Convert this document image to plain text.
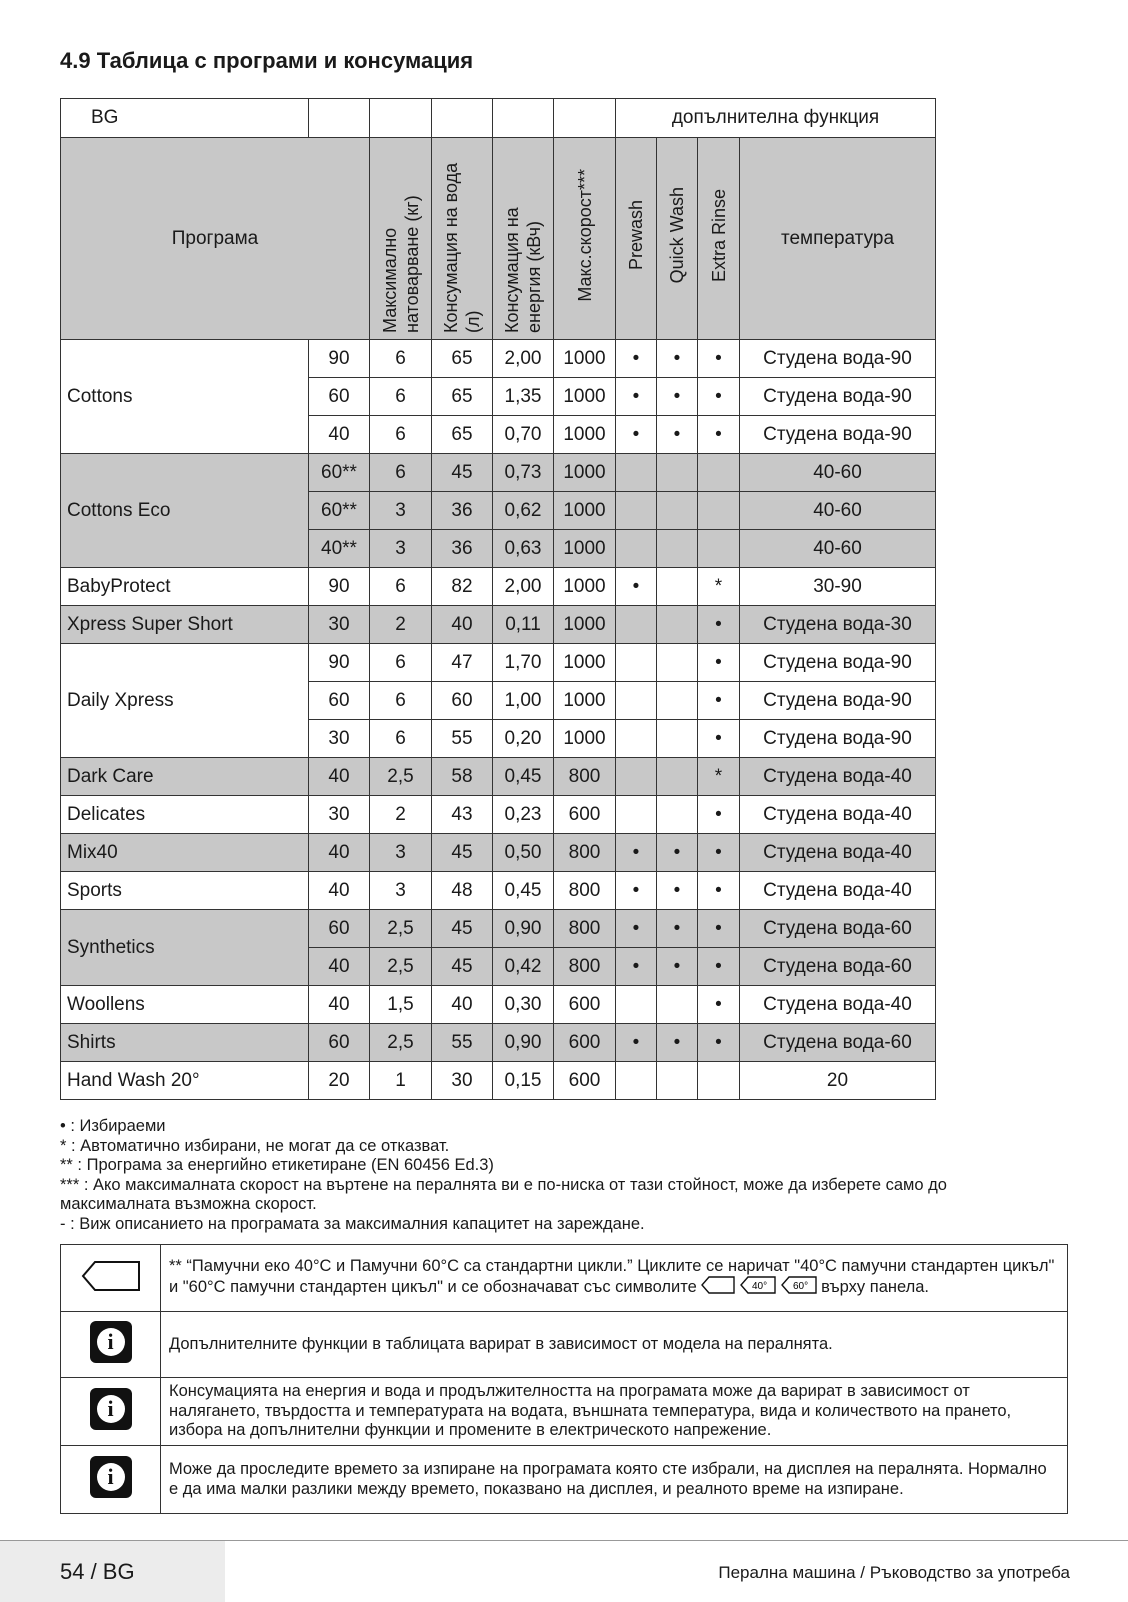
4.9 Таблица с програми и консумация
BG						допълнителна функция			
Програма		Максимално натоварване (кг)	Консумация на вода (л)	Консумация на енергия (кВч)	Макс.скорост***	Prewash	Quick Wash	Extra Rinse	температура
Cottons	90	6	65	2,00	1000	•	•	•	Студена вода-90
	60	6	65	1,35	1000	•	•	•	Студена вода-90
	40	6	65	0,70	1000	•	•	•	Студена вода-90
Cottons Eco	60**	6	45	0,73	1000				40-60
	60**	3	36	0,62	1000				40-60
	40**	3	36	0,63	1000				40-60
BabyProtect	90	6	82	2,00	1000	•		*	30-90
Xpress Super Short	30	2	40	0,11	1000			•	Студена вода-30
Daily Xpress	90	6	47	1,70	1000			•	Студена вода-90
	60	6	60	1,00	1000			•	Студена вода-90
	30	6	55	0,20	1000			•	Студена вода-90
Dark Care	40	2,5	58	0,45	800			*	Студена вода-40
Delicates	30	2	43	0,23	600			•	Студена вода-40
Mix40	40	3	45	0,50	800	•	•	•	Студена вода-40
Sports	40	3	48	0,45	800	•	•	•	Студена вода-40
Synthetics	60	2,5	45	0,90	800	•	•	•	Студена вода-60
	40	2,5	45	0,42	800	•	•	•	Студена вода-60
Woollens	40	1,5	40	0,30	600			•	Студена вода-40
Shirts	60	2,5	55	0,90	600	•	•	•	Студена вода-60
Hand Wash 20°	20	1	30	0,15	600				20
• : Избираеми
* : Автоматично избирани, не могат да се отказват.
** : Програма за енергийно етикетиране (EN 60456 Ed.3)
*** : Ако максималната скорост на въртене на пералнята ви е по-ниска от тази стойност, може да изберете само до максималната възможна скорост.
- : Виж описанието на програмата за максималния капацитет на зареждане.
	** “Памучни еко 40°C и Памучни 60°C са стандартни цикли.” Циклите се наричат "40°C памучни стандартен цикъл" и "60°C памучни стандартен цикъл" и се обозначават със символите 40°
60° върху панела.

i	Допълнителните функции в таблицата варират в зависимост от модела на пералнята.

i	Консумацията на енергия и вода и продължителността на програмата може да варират в зависимост от наляганeто, твърдостта и температурата на водата, външната температура, вида и количеството на прането, избора на допълнителни функции и промените в електрическото напрежение.

i	Може да проследите времето за изпиране на програмата която сте избрали, на дисплея на пералнята. Нормално е да има малки разлики между времето, показвано на дисплея, и реалното време на изпиране.
54 / BG	Перална машина / Ръководство за употреба
